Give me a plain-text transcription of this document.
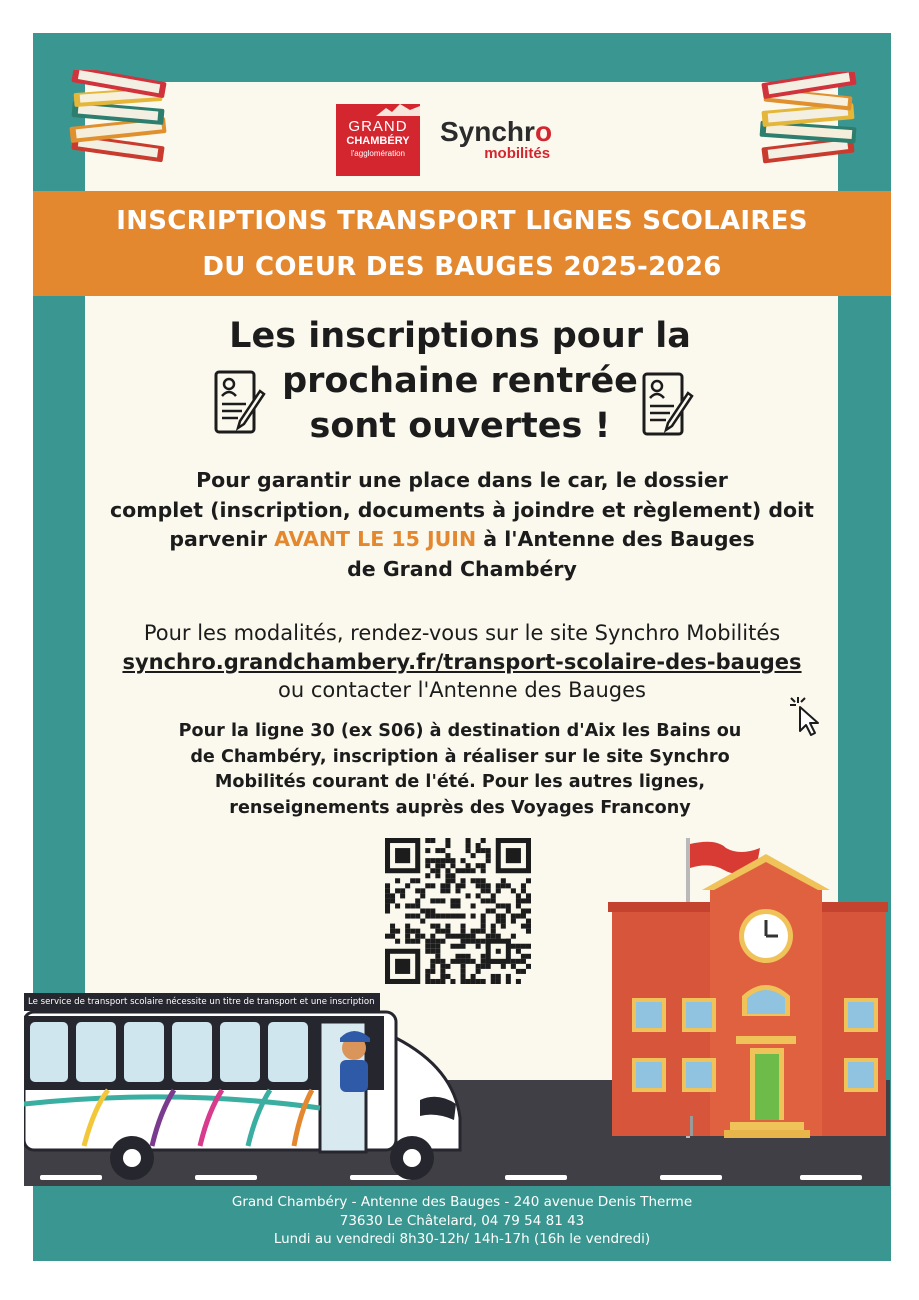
GRAND
CHAMBÉRY
l'agglomération
Synchro
mobilités
INSCRIPTIONS TRANSPORT LIGNES SCOLAIRES
DU COEUR DES BAUGES 2025-2026
Les inscriptions pour la
prochaine rentrée
sont ouvertes !
Pour garantir une place dans le car, le dossier
complet (inscription, documents à joindre et règlement) doit
parvenir AVANT LE 15 JUIN à l'Antenne des Bauges
de Grand Chambéry
Pour les modalités, rendez-vous sur le site Synchro Mobilités
synchro.grandchambery.fr/transport-scolaire-des-bauges
ou contacter l'Antenne des Bauges
Pour la ligne 30 (ex S06) à destination d'Aix les Bains ou
de Chambéry, inscription à réaliser sur le site Synchro
Mobilités courant de l'été. Pour les autres lignes,
renseignements auprès des Voyages Francony
Le service de transport scolaire nécessite un titre de transport et une inscription
Grand Chambéry - Antenne des Bauges - 240 avenue Denis Therme
73630 Le Châtelard, 04 79 54 81 43
Lundi au vendredi 8h30-12h/ 14h-17h (16h le vendredi)
